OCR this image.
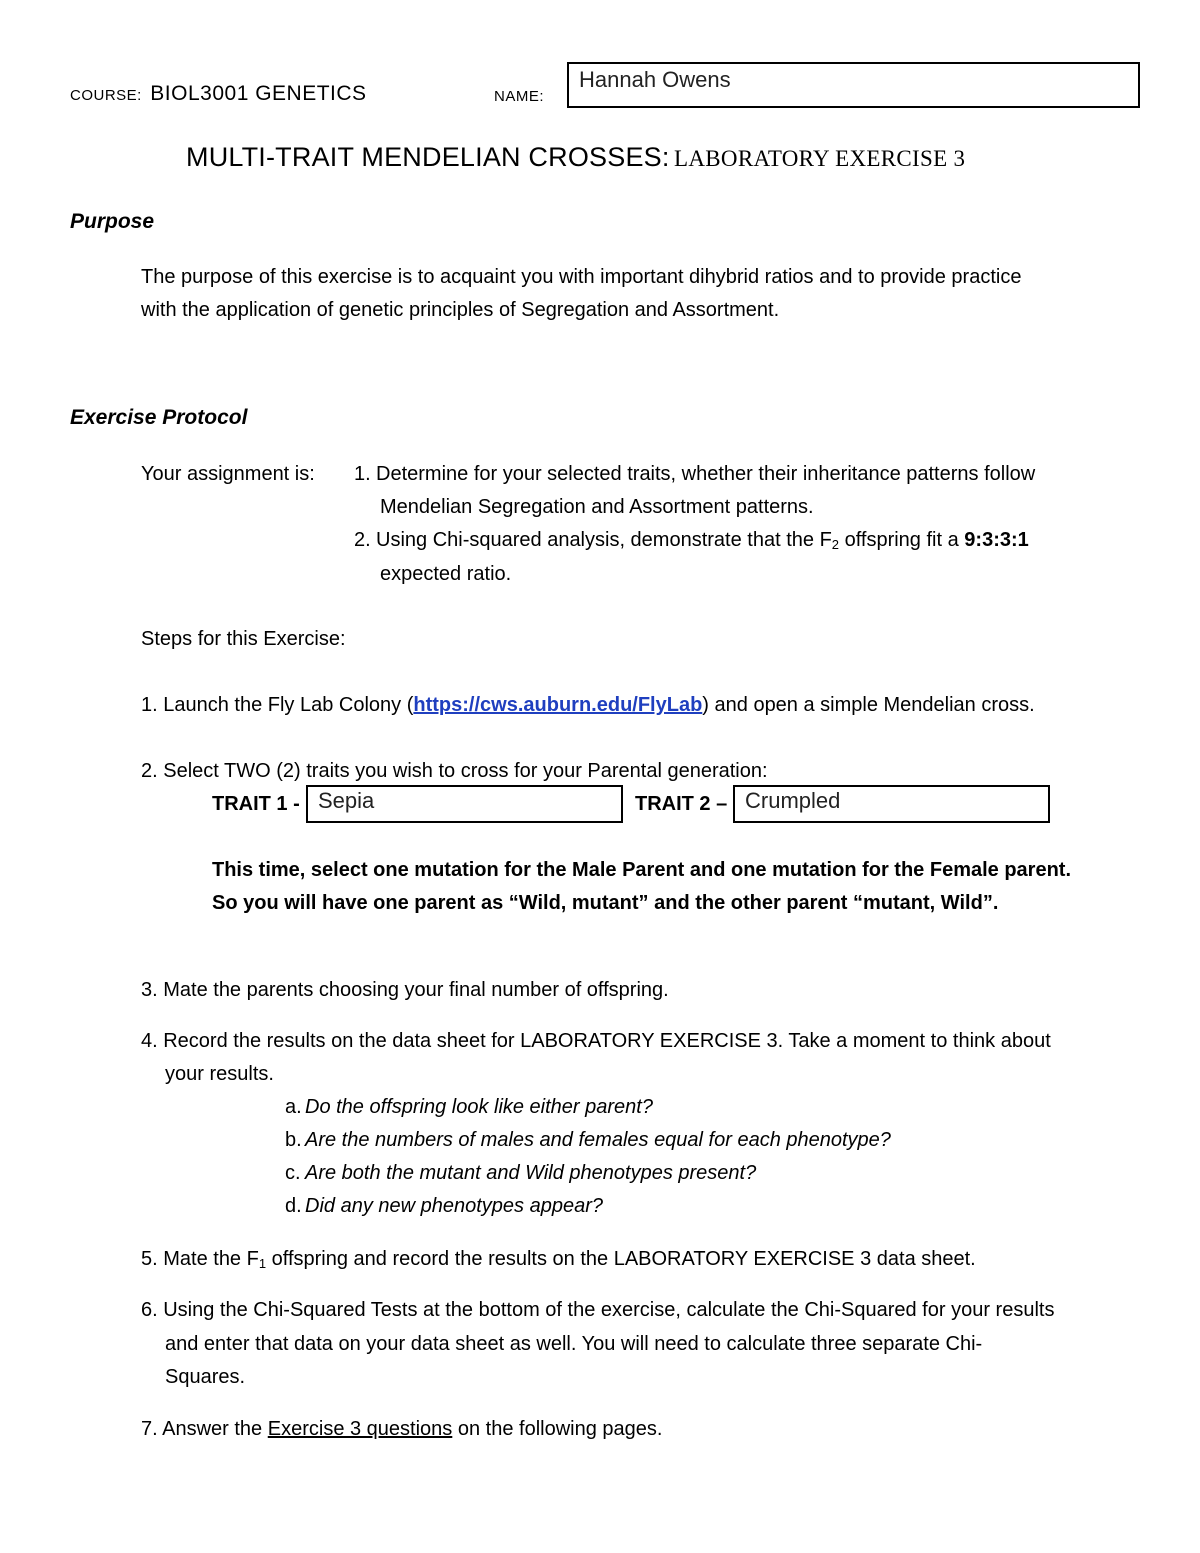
COURSE: BIOL3001 GENETICS	NAME:
Hannah Owens
MULTI-TRAIT MENDELIAN CROSSES: LABORATORY EXERCISE 3
Purpose
The purpose of this exercise is to acquaint you with important dihybrid ratios and to provide practice
with the application of genetic principles of Segregation and Assortment.
Exercise Protocol
Your assignment is: 1. Determine for your selected traits, whether their inheritance patterns follow
Mendelian Segregation and Assortment patterns.
2. Using Chi-squared analysis, demonstrate that the $F_2$ offspring fit a 9:3:3:1
expected ratio.
Steps for this Exercise:
1. Launch the Fly Lab Colony (https://cws.auburn.edu/FlyLab) and open a simple Mendelian cross.
2. Select TWO (2) traits you wish to cross for your Parental generation:
TRAIT 1 - Sepia	TRAIT 2 – Crumpled
This time, select one mutation for the Male Parent and one mutation for the Female parent.
So you will have one parent as “Wild, mutant” and the other parent “mutant, Wild”.
3. Mate the parents choosing your final number of offspring.
4. Record the results on the data sheet for LABORATORY EXERCISE 3. Take a moment to think about
your results.
a. Do the offspring look like either parent?
b. Are the numbers of males and females equal for each phenotype?
c. Are both the mutant and Wild phenotypes present?
d. Did any new phenotypes appear?
5. Mate the $F_1$ offspring and record the results on the LABORATORY EXERCISE 3 data sheet.
6. Using the Chi-Squared Tests at the bottom of the exercise, calculate the Chi-Squared for your results
and enter that data on your data sheet as well. You will need to calculate three separate Chi-
Squares.
7. Answer the Exercise 3 questions on the following pages.
